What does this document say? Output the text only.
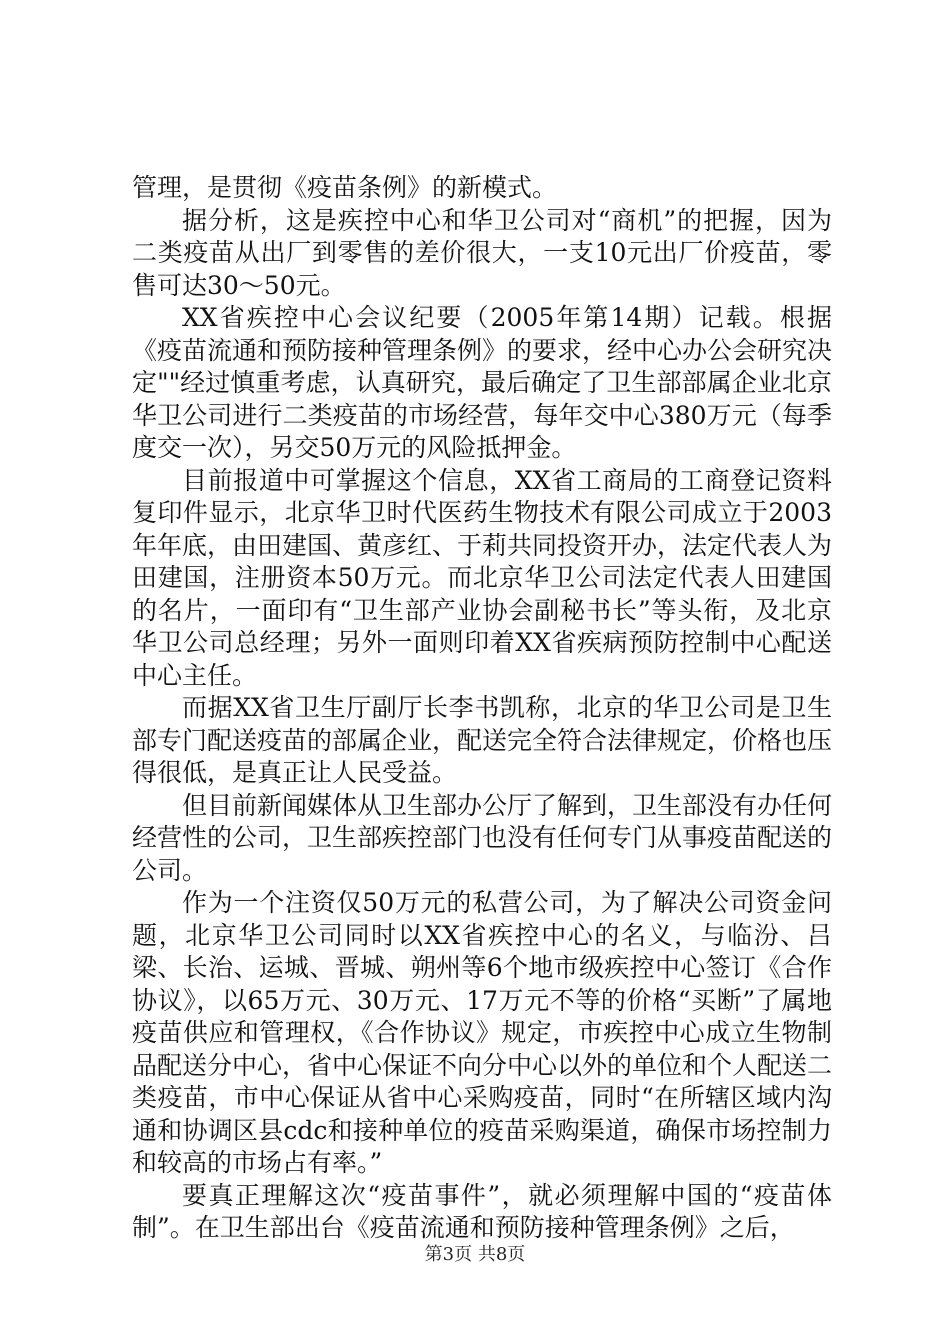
管理，是贯彻《疫苗条例》的新模式。

据分析，这是疾控中心和华卫公司对“商机”的把握，因为二类疫苗从出厂到零售的差价很大，一支10元出厂价疫苗，零售可达30～50元。

XX省疾控中心会议纪要（2005年第14期）记载。根据《疫苗流通和预防接种管理条例》的要求，经中心办公会研究决定""经过慎重考虑，认真研究，最后确定了卫生部部属企业北京华卫公司进行二类疫苗的市场经营，每年交中心380万元（每季度交一次），另交50万元的风险抵押金。

目前报道中可掌握这个信息，XX省工商局的工商登记资料复印件显示，北京华卫时代医药生物技术有限公司成立于2003年年底，由田建国、黄彦红、于莉共同投资开办，法定代表人为田建国，注册资本50万元。而北京华卫公司法定代表人田建国的名片，一面印有“卫生部产业协会副秘书长”等头衔，及北京华卫公司总经理；另外一面则印着XX省疾病预防控制中心配送中心主任。

而据XX省卫生厅副厅长李书凯称，北京的华卫公司是卫生部专门配送疫苗的部属企业，配送完全符合法律规定，价格也压得很低，是真正让人民受益。

但目前新闻媒体从卫生部办公厅了解到，卫生部没有办任何经营性的公司，卫生部疾控部门也没有任何专门从事疫苗配送的公司。

作为一个注资仅50万元的私营公司，为了解决公司资金问题，北京华卫公司同时以XX省疾控中心的名义，与临汾、吕梁、长治、运城、晋城、朔州等6个地市级疾控中心签订《合作协议》，以65万元、30万元、17万元不等的价格“买断”了属地疫苗供应和管理权，《合作协议》规定，市疾控中心成立生物制品配送分中心，省中心保证不向分中心以外的单位和个人配送二类疫苗，市中心保证从省中心采购疫苗，同时“在所辖区域内沟通和协调区县cdc和接种单位的疫苗采购渠道，确保市场控制力和较高的市场占有率。”

要真正理解这次“疫苗事件”，就必须理解中国的“疫苗体制”。在卫生部出台《疫苗流通和预防接种管理条例》之后，

第3页 共8页
